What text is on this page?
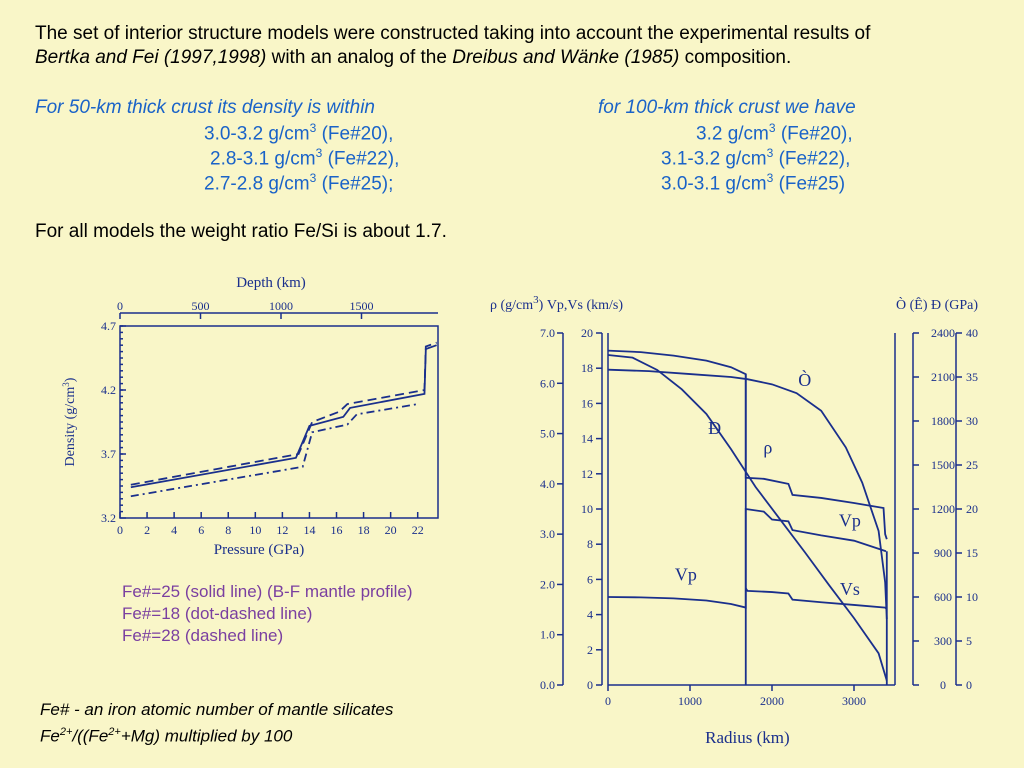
The set of interior structure models were constructed taking into account the experimental results of
Bertka and Fei (1997,1998) with an analog of the Dreibus and Wänke (1985) composition.
For 50-km thick crust its density is within
3.0-3.2 $g/cm^3$ (Fe#20),
2.8-3.1 $g/cm^3$ (Fe#22),
2.7-2.8 $g/cm^3$ (Fe#25);
for 100-km thick crust we have
3.2 $g/cm^3$ (Fe#20),
3.1-3.2 $g/cm^3$ (Fe#22),
3.0-3.1 $g/cm^3$ (Fe#25)
For all models the weight ratio Fe/Si is about 1.7.
Depth (km)
0	500	1000	1500
0 2 4 6 8 10 12 14 16 18 20 22
Pressure (GPa)
3.2
3.7
4.2
4.7
Density $(g/cm^3)$
Fe#=25 (solid line) (B-F mantle profile)
Fe#=18 (dot-dashed line)
Fe#=28 (dashed line)
ρ $(g/cm^3)$ Vp,Vs (km/s)	Ò (Ê) Ð (GPa)
0.0
1.0
2.0
3.0
4.0
5.0
6.0
7.0
0
2
4
6
8
10
12
14
16
18
20
0
300
600
900
1200
1500
1800
2100
2400
0
5
10
15
20
25
30
35
40
0	1000	2000	3000
Radius (km)
Ò
Ð
ρ
Vp
Vs
Vp
Fe# - an iron atomic number of mantle silicates
$Fe^{2+}/((Fe^{2+}+Mg)$ multiplied by 100
